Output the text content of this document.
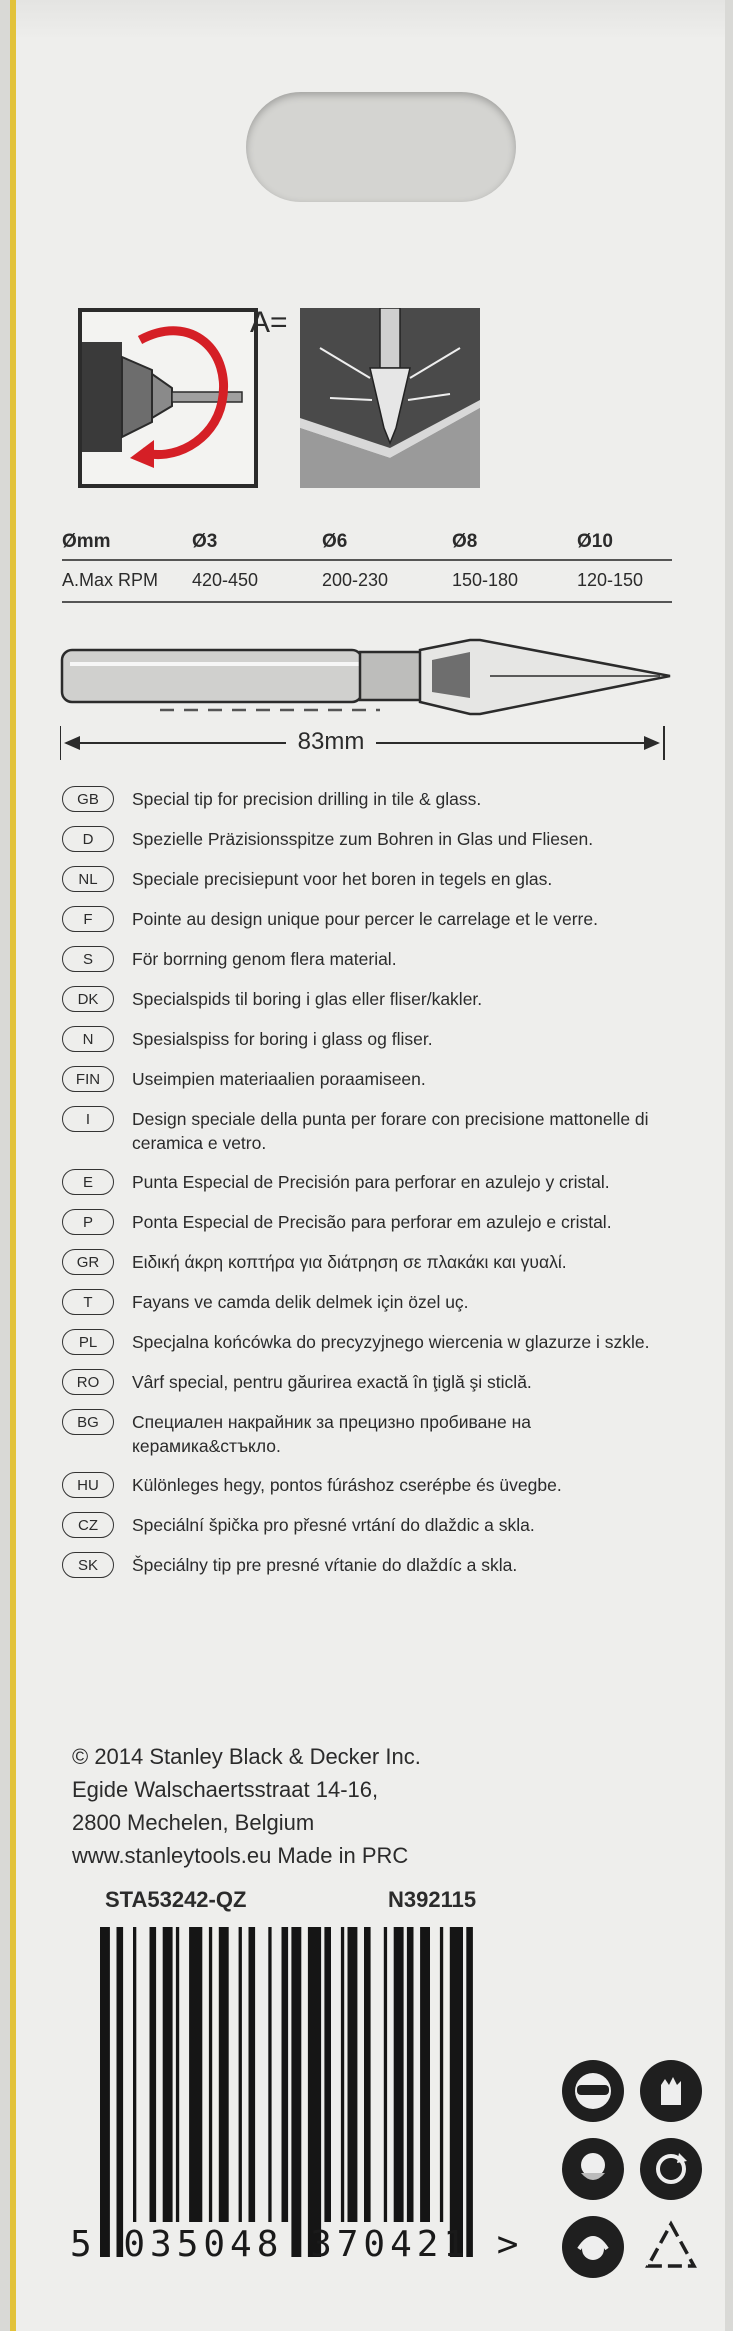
A=
Ømm	Ø3	Ø6	Ø8	Ø10
A.Max RPM	420-450	200-230	150-180	120-150
83mm
GB	Special tip for precision drilling in tile & glass.
D	Spezielle Präzisionsspitze zum Bohren in Glas und Fliesen.
NL	Speciale precisiepunt voor het boren in tegels en glas.
F	Pointe au design unique pour percer le carrelage et le verre.
S	För borrning genom flera material.
DK	Specialspids til boring i glas eller fliser/kakler.
N	Spesialspiss for boring i glass og fliser.
FIN	Useimpien materiaalien poraamiseen.
I	Design speciale della punta per forare con precisione mattonelle di ceramica e vetro.
E	Punta Especial de Precisión para perforar en azulejo y cristal.
P	Ponta Especial de Precisão para perforar em azulejo e cristal.
GR	Ειδική άκρη κοπτήρα για διάτρηση σε πλακάκι και γυαλί.
T	Fayans ve camda delik delmek için özel uç.
PL	Specjalna końcówka do precyzyjnego wiercenia w glazurze i szkle.
RO	Vârf special, pentru găurirea exactă în ţiglă şi sticlă.
BG	Специален накрайник за прецизно пробиване на керамика&стъкло.
HU	Különleges hegy, pontos fúráshoz cserépbe és üvegbe.
CZ	Speciální špička pro přesné vrtání do dlaždic a skla.
SK	Špeciálny tip pre presné vŕtanie do dlaždíc a skla.
© 2014 Stanley Black & Decker Inc.
Egide Walschaertsstraat 14-16,
2800 Mechelen, Belgium
www.stanleytools.eu Made in PRC
STA53242-QZ	N392115
5 035048 370421 >
